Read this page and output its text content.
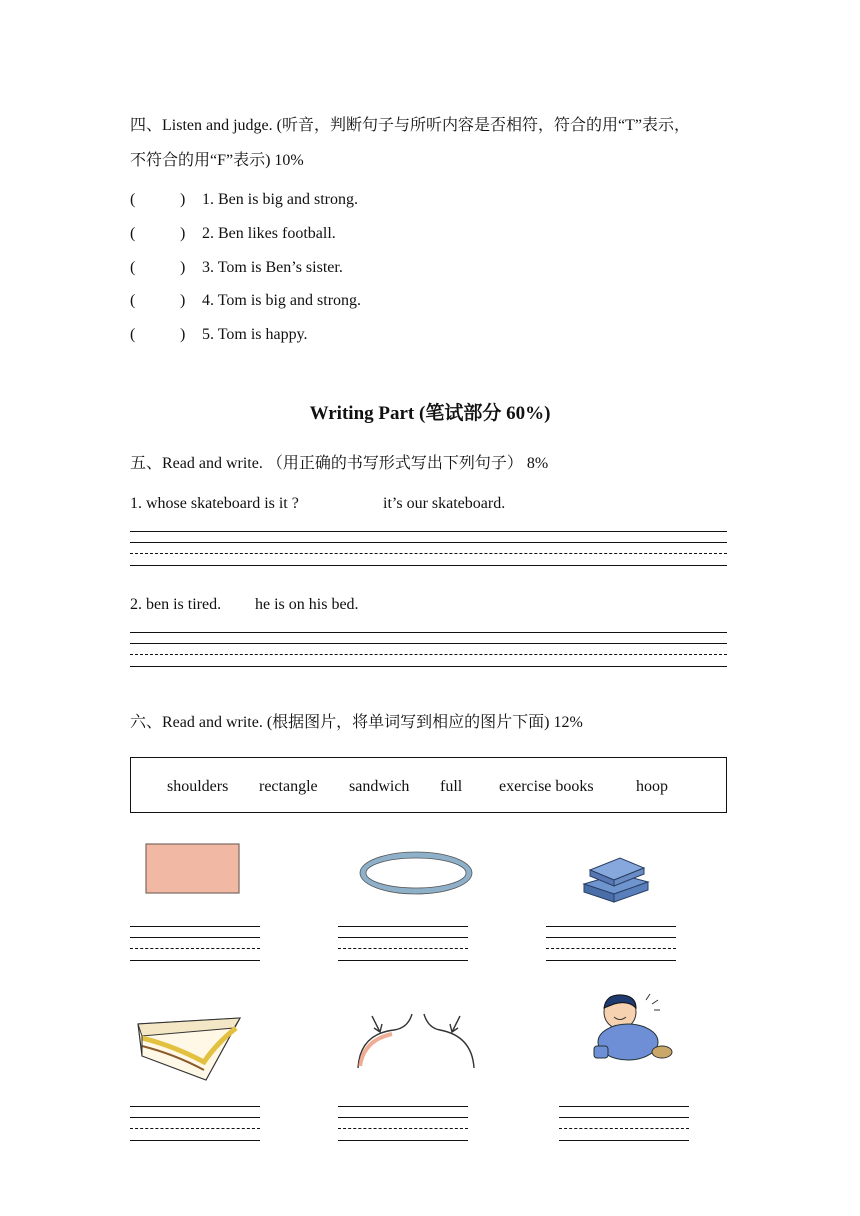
四、Listen and judge. (听音，判断句子与所听内容是否相符，符合的用“T”表示，
不符合的用“F”表示) 10%
(	) 1. Ben is big and strong.
(	) 2. Ben likes football.
(	) 3. Tom is Ben’s sister.
(	) 4. Tom is big and strong.
(	) 5. Tom is happy.
Writing Part (笔试部分 60%)
五、Read and write. （用正确的书写形式写出下列句子） 8%
1. whose skateboard is it ?	it’s our skateboard.
2. ben is tired. he is on his bed.
六、Read and write. (根据图片，将单词写到相应的图片下面) 12%
shoulders rectangle sandwich full exercise books	hoop
